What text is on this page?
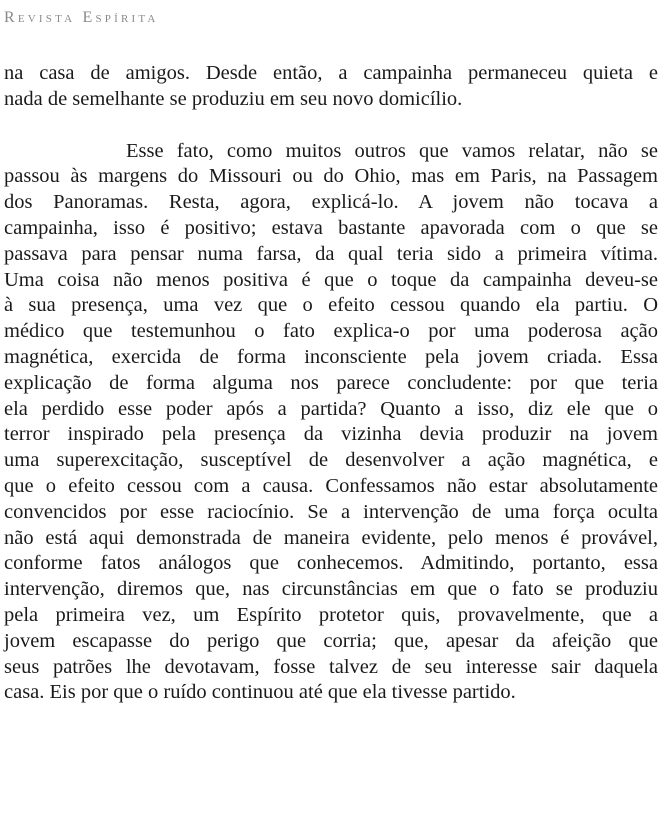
Revista Espírita
na casa de amigos. Desde então, a campainha permaneceu quieta e
nada de semelhante se produziu em seu novo domicílio.
Esse fato, como muitos outros que vamos relatar, não se
passou às margens do Missouri ou do Ohio, mas em Paris, na Passagem
dos Panoramas. Resta, agora, explicá-lo. A jovem não tocava a
campainha, isso é positivo; estava bastante apavorada com o que se
passava para pensar numa farsa, da qual teria sido a primeira vítima.
Uma coisa não menos positiva é que o toque da campainha deveu-se
à sua presença, uma vez que o efeito cessou quando ela partiu. O
médico que testemunhou o fato explica-o por uma poderosa ação
magnética, exercida de forma inconsciente pela jovem criada. Essa
explicação de forma alguma nos parece concludente: por que teria
ela perdido esse poder após a partida? Quanto a isso, diz ele que o
terror inspirado pela presença da vizinha devia produzir na jovem
uma superexcitação, susceptível de desenvolver a ação magnética, e
que o efeito cessou com a causa. Confessamos não estar absolutamente
convencidos por esse raciocínio. Se a intervenção de uma força oculta
não está aqui demonstrada de maneira evidente, pelo menos é provável,
conforme fatos análogos que conhecemos. Admitindo, portanto, essa
intervenção, diremos que, nas circunstâncias em que o fato se produziu
pela primeira vez, um Espírito protetor quis, provavelmente, que a
jovem escapasse do perigo que corria; que, apesar da afeição que
seus patrões lhe devotavam, fosse talvez de seu interesse sair daquela
casa. Eis por que o ruído continuou até que ela tivesse partido.
